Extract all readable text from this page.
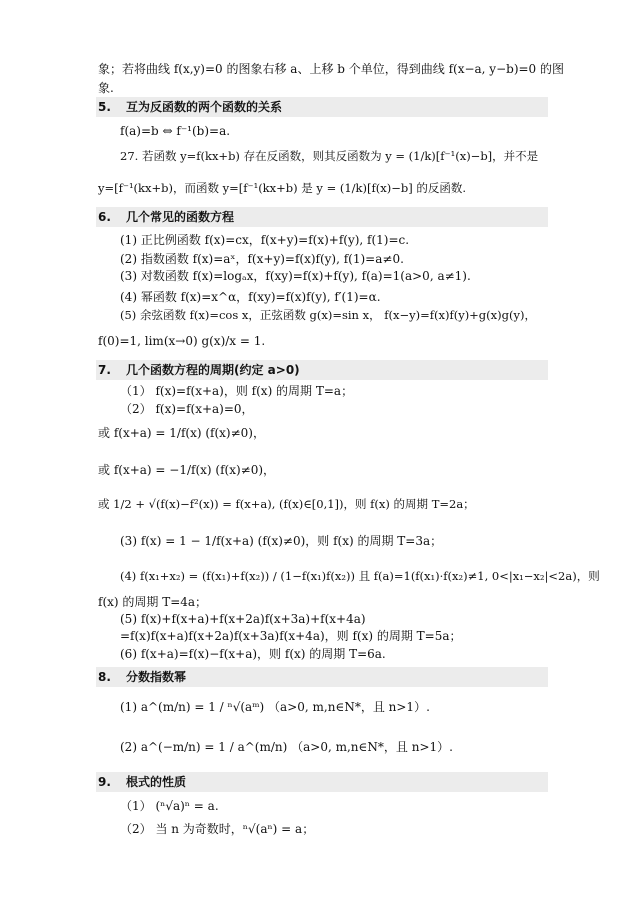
象；若将曲线 f(x,y)=0 的图象右移 a、上移 b 个单位，得到曲线 f(x−a, y−b)=0 的图
象.
5. 互为反函数的两个函数的关系
f(a)=b ⇔ f⁻¹(b)=a.
27. 若函数 y=f(kx+b) 存在反函数，则其反函数为 y = (1/k)[f⁻¹(x)−b]，并不是
y=[f⁻¹(kx+b)，而函数 y=[f⁻¹(kx+b) 是 y = (1/k)[f(x)−b] 的反函数.
6. 几个常见的函数方程
(1) 正比例函数 f(x)=cx，f(x+y)=f(x)+f(y), f(1)=c.
(2) 指数函数 f(x)=aˣ，f(x+y)=f(x)f(y), f(1)=a≠0.
(3) 对数函数 f(x)=logₐx，f(xy)=f(x)+f(y), f(a)=1(a>0, a≠1).
(4) 幂函数 f(x)=x^α，f(xy)=f(x)f(y), f′(1)=α.
(5) 余弦函数 f(x)=cos x，正弦函数 g(x)=sin x， f(x−y)=f(x)f(y)+g(x)g(y)，
f(0)=1, lim(x→0) g(x)/x = 1.
7. 几个函数方程的周期(约定 a>0)
（1） f(x)=f(x+a)，则 f(x) 的周期 T=a；
（2） f(x)=f(x+a)=0，
或 f(x+a) = 1/f(x) (f(x)≠0)，
或 f(x+a) = −1/f(x) (f(x)≠0)，
或 1/2 + √(f(x)−f²(x)) = f(x+a), (f(x)∈[0,1])，则 f(x) 的周期 T=2a；
(3) f(x) = 1 − 1/f(x+a) (f(x)≠0)，则 f(x) 的周期 T=3a；
(4) f(x₁+x₂) = (f(x₁)+f(x₂)) / (1−f(x₁)f(x₂)) 且 f(a)=1(f(x₁)·f(x₂)≠1, 0<|x₁−x₂|<2a)，则
f(x) 的周期 T=4a；
(5) f(x)+f(x+a)+f(x+2a)f(x+3a)+f(x+4a)
=f(x)f(x+a)f(x+2a)f(x+3a)f(x+4a)，则 f(x) 的周期 T=5a；
(6) f(x+a)=f(x)−f(x+a)，则 f(x) 的周期 T=6a.
8. 分数指数幂
(1) a^(m/n) = 1 / ⁿ√(aᵐ) （a>0, m,n∈N*，且 n>1）.
(2) a^(−m/n) = 1 / a^(m/n) （a>0, m,n∈N*，且 n>1）.
9. 根式的性质
（1） (ⁿ√a)ⁿ = a.
（2） 当 n 为奇数时，ⁿ√(aⁿ) = a；
